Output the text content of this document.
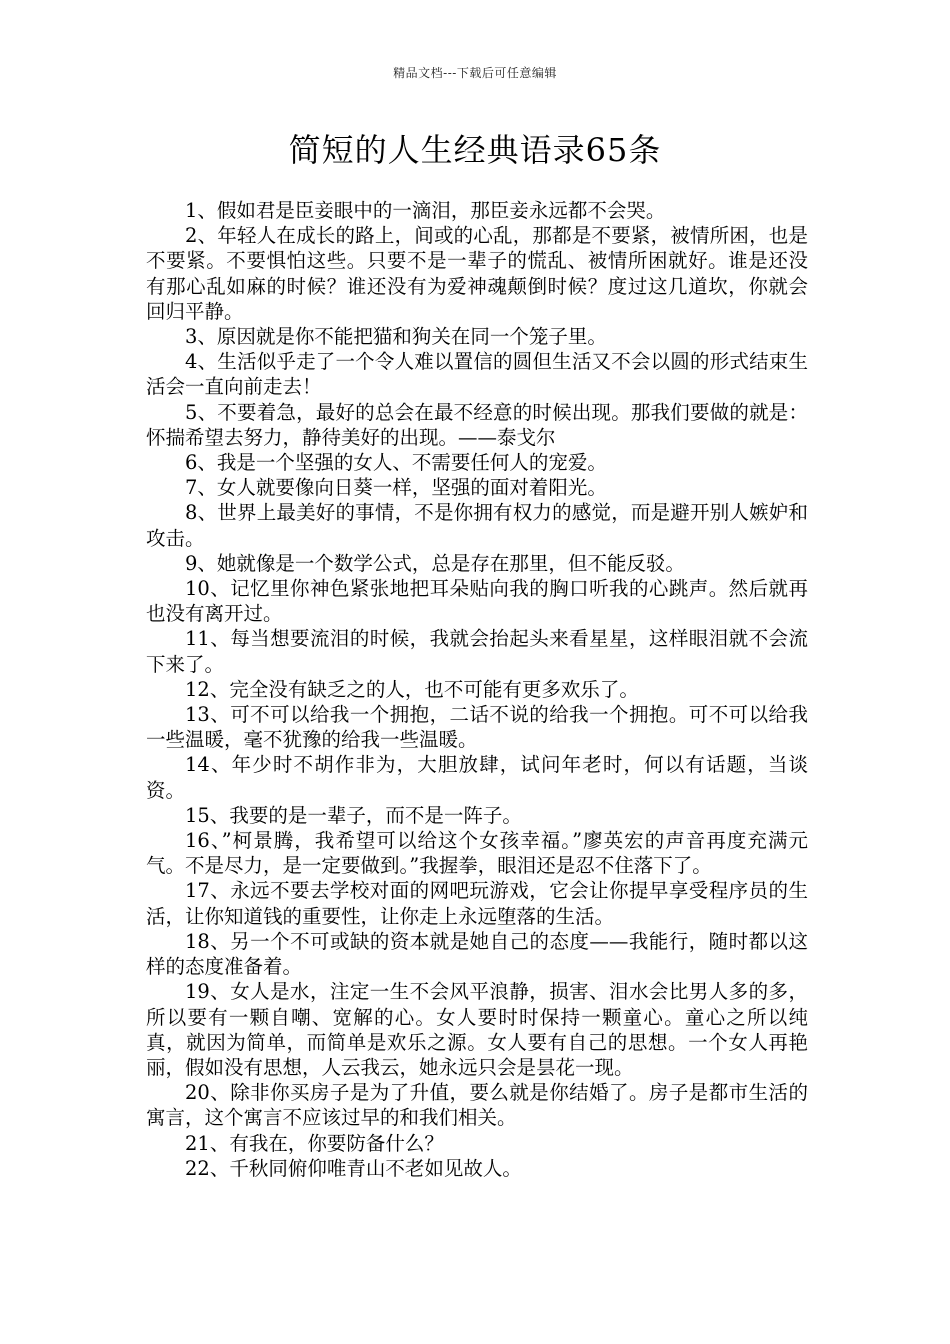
精品文档---下载后可任意编辑
简短的人生经典语录65条

1、假如君是臣妾眼中的一滴泪，那臣妾永远都不会哭。

2、年轻人在成长的路上，间或的心乱，那都是不要紧，被情所困，也是不要紧。不要惧怕这些。只要不是一辈子的慌乱、被情所困就好。谁是还没有那心乱如麻的时候？谁还没有为爱神魂颠倒时候？度过这几道坎，你就会回归平静。

3、原因就是你不能把猫和狗关在同一个笼子里。

4、生活似乎走了一个令人难以置信的圆但生活又不会以圆的形式结束生活会一直向前走去！

5、不要着急，最好的总会在最不经意的时候出现。那我们要做的就是：怀揣希望去努力，静待美好的出现。——泰戈尔

6、我是一个坚强的女人、不需要任何人的宠爱。

7、女人就要像向日葵一样，坚强的面对着阳光。

8、世界上最美好的事情，不是你拥有权力的感觉，而是避开别人嫉妒和攻击。

9、她就像是一个数学公式，总是存在那里，但不能反驳。

10、记忆里你神色紧张地把耳朵贴向我的胸口听我的心跳声。然后就再也没有离开过。

11、每当想要流泪的时候，我就会抬起头来看星星，这样眼泪就不会流下来了。

12、完全没有缺乏之的人，也不可能有更多欢乐了。

13、可不可以给我一个拥抱，二话不说的给我一个拥抱。可不可以给我一些温暖，毫不犹豫的给我一些温暖。

14、年少时不胡作非为，大胆放肆，试问年老时，何以有话题，当谈资。

15、我要的是一辈子，而不是一阵子。

16、”柯景腾，我希望可以给这个女孩幸福。”廖英宏的声音再度充满元气。不是尽力，是一定要做到。”我握拳，眼泪还是忍不住落下了。

17、永远不要去学校对面的网吧玩游戏，它会让你提早享受程序员的生活，让你知道钱的重要性，让你走上永远堕落的生活。

18、另一个不可或缺的资本就是她自己的态度——我能行，随时都以这样的态度准备着。

19、女人是水，注定一生不会风平浪静，损害、泪水会比男人多的多，所以要有一颗自嘲、宽解的心。女人要时时保持一颗童心。童心之所以纯真，就因为简单，而简单是欢乐之源。女人要有自己的思想。一个女人再艳丽，假如没有思想，人云我云，她永远只会是昙花一现。

20、除非你买房子是为了升值，要么就是你结婚了。房子是都市生活的寓言，这个寓言不应该过早的和我们相关。

21、有我在，你要防备什么？

22、千秋同俯仰唯青山不老如见故人。
